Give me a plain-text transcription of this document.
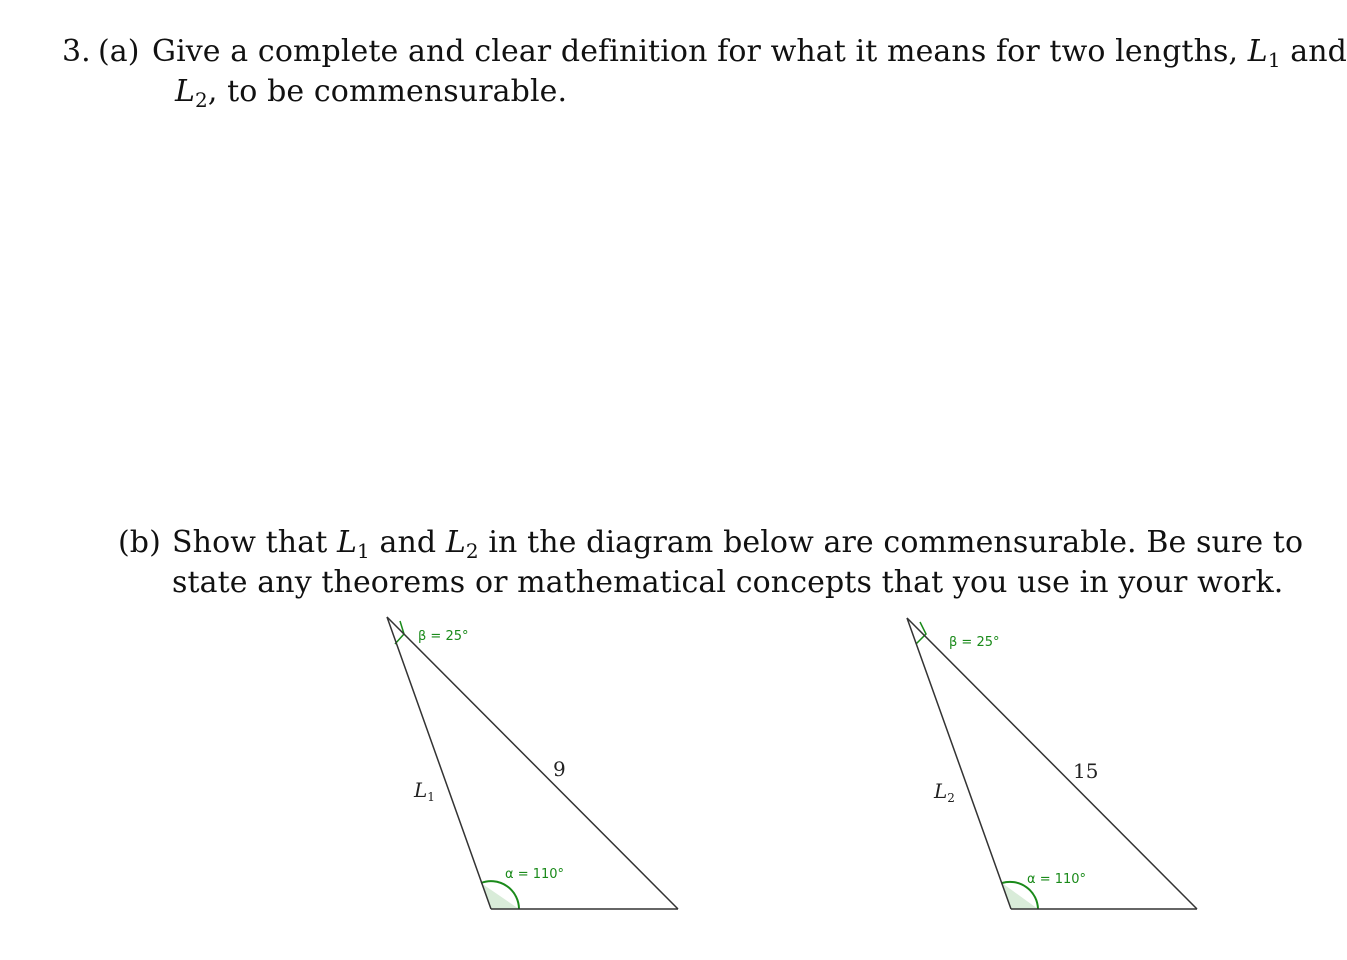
3. (a) Give a complete and clear definition for what it means for two lengths, $L_1$ and
$L_2$, to be commensurable.
(b) Show that $L_1$ and $L_2$ in the diagram below are commensurable. Be sure to
state any theorems or mathematical concepts that you use in your work.
β = 25°
α = 110°
9
$L_1$
β = 25°
α = 110°
15
$L_2$
